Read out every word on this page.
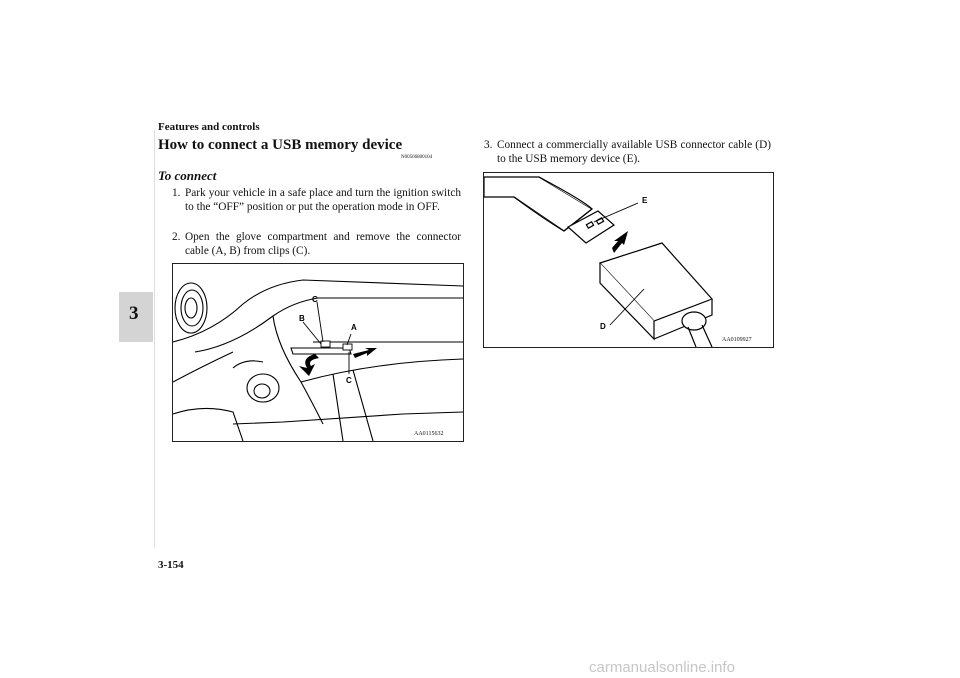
Features and controls
3
How to connect a USB memory device
N00566800104
To connect
1. Park your vehicle in a safe place and turn the ignition switch to the “OFF” position or put the operation mode in OFF.
2. Open the glove compartment and remove the connector cable (A, B) from clips (C).
3. Connect a commercially available USB connector cable (D) to the USB memory device (E).
C
B
A
C
AA0115632
E
D
AA0109927
3-154
carmanualsonline.info
